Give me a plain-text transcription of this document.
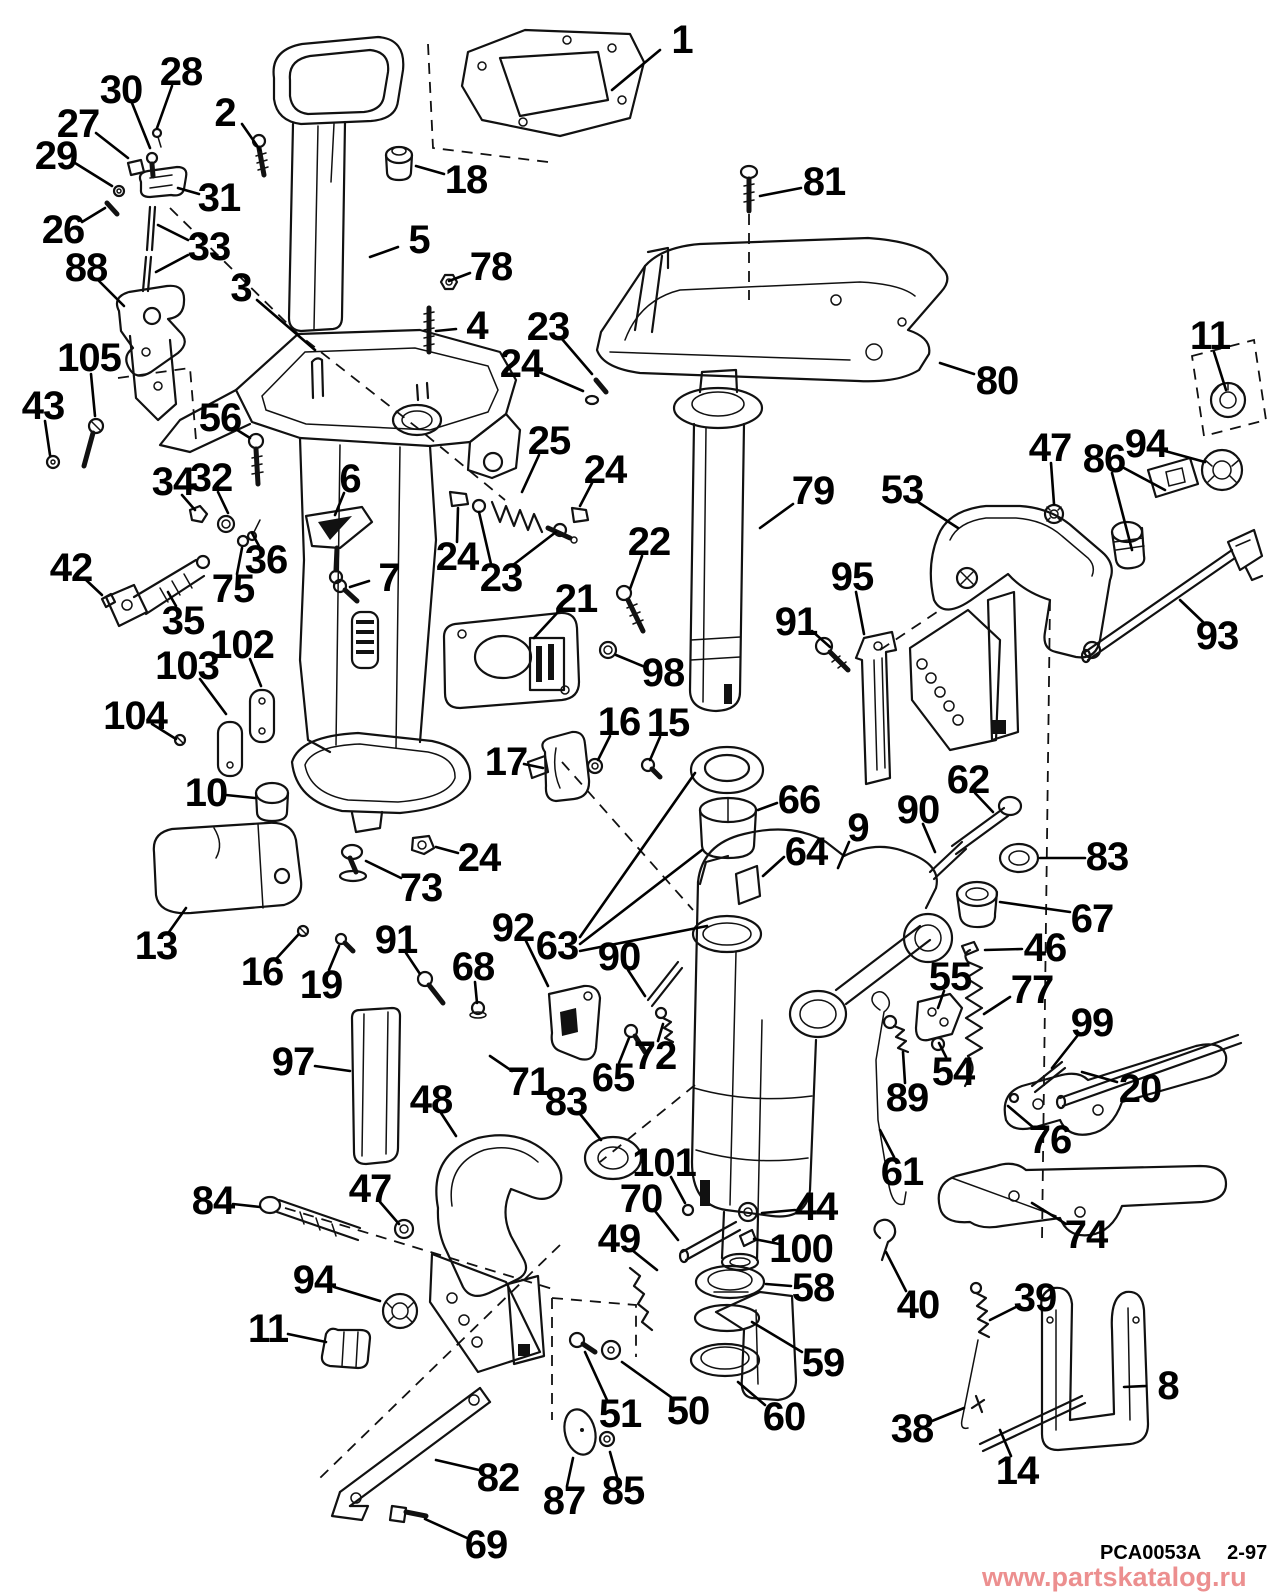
1
28
30
2
27
29
31
26	33
88
5
18
78
3
4
81
80
11
23
24
105
43	56
25
24	47 86 94
34
32	6	79 53
22
24 23
36
42	75
35
7	21	95
91
98
93
102
103
104	16 15
17
66
64
9 90
62
83
67
10
46
24
73
13
16 19
91
68
92 63 90	55 77
99
72
65
71	54
89	20
97
48 83
76
61
101
70	44
100
49
84	47
94
11
58
59
60
51 50
82
87 85
69
38
14
39
40
8
74
PCA0053A 2-97
www.partskatalog.ru
